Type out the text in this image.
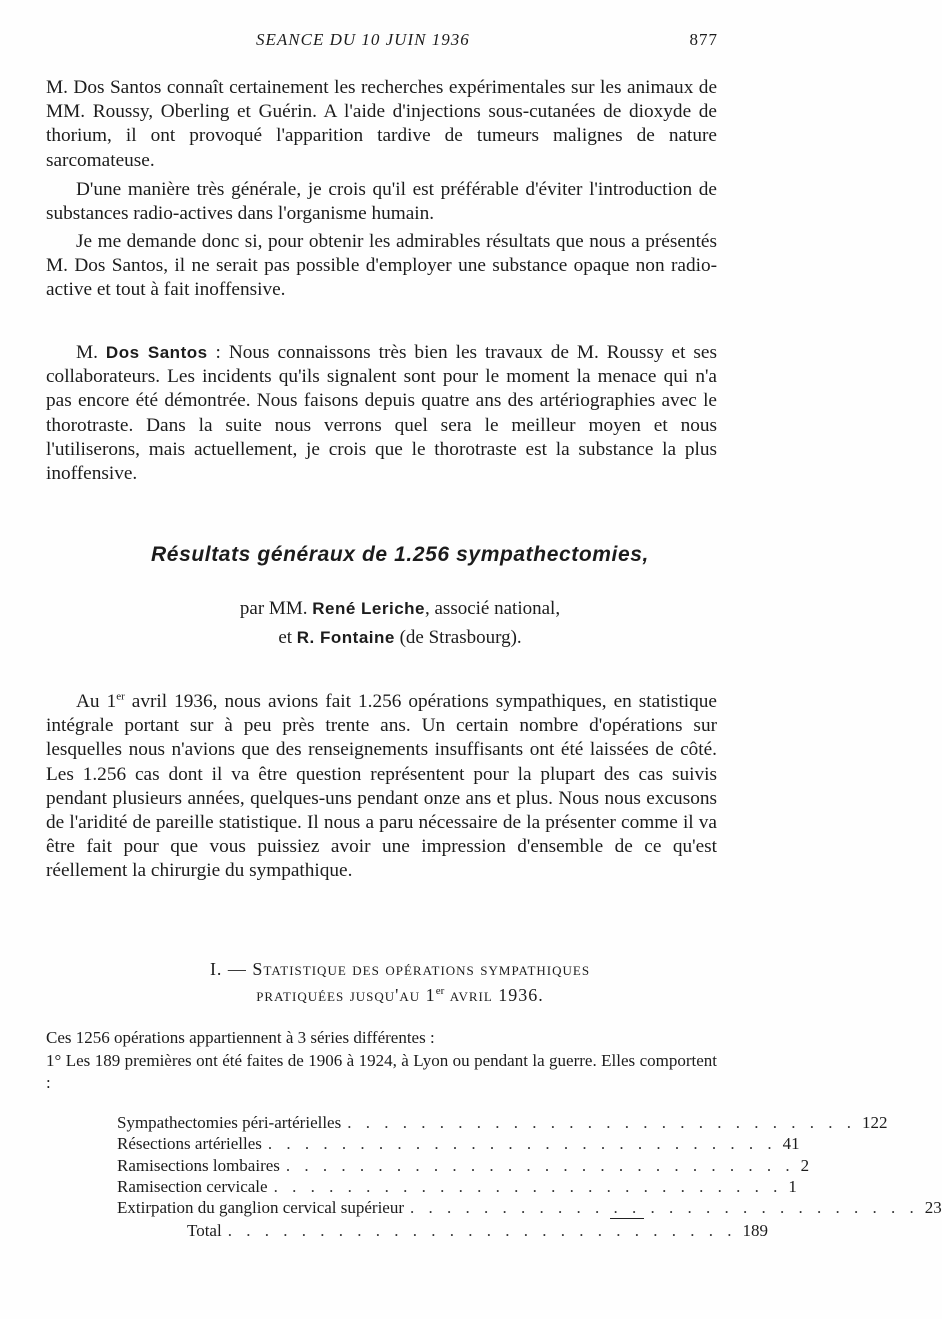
SEANCE DU 10 JUIN 1936	877

M. Dos Santos connaît certainement les recherches expérimentales sur les animaux de MM. Roussy, Oberling et Guérin. A l'aide d'injections sous-cutanées de dioxyde de thorium, il ont provoqué l'apparition tardive de tumeurs malignes de nature sarcomateuse.

D'une manière très générale, je crois qu'il est préférable d'éviter l'introduction de substances radio-actives dans l'organisme humain.

Je me demande donc si, pour obtenir les admirables résultats que nous a présentés M. Dos Santos, il ne serait pas possible d'employer une substance opaque non radio-active et tout à fait inoffensive.

M. Dos Santos : Nous connaissons très bien les travaux de M. Roussy et ses collaborateurs. Les incidents qu'ils signalent sont pour le moment la menace qui n'a pas encore été démontrée. Nous faisons depuis quatre ans des artériographies avec le thorotraste. Dans la suite nous verrons quel sera le meilleur moyen et nous l'utiliserons, mais actuellement, je crois que le thorotraste est la substance la plus inoffensive.

Résultats généraux de 1.256 sympathectomies,
par MM. René Leriche, associé national,
et R. Fontaine (de Strasbourg).

Au 1er avril 1936, nous avions fait 1.256 opérations sympathiques, en statistique intégrale portant sur à peu près trente ans. Un certain nombre d'opérations sur lesquelles nous n'avions que des renseignements insuffisants ont été laissées de côté. Les 1.256 cas dont il va être question représentent pour la plupart des cas suivis pendant plusieurs années, quelques-uns pendant onze ans et plus. Nous nous excusons de l'aridité de pareille statistique. Il nous a paru nécessaire de la présenter comme il va être fait pour que vous puissiez avoir une impression d'ensemble de ce qu'est réellement la chirurgie du sympathique.

I. — Statistique des opérations sympathiques
pratiquées jusqu'au 1er avril 1936.

Ces 1256 opérations appartiennent à 3 séries différentes :

1° Les 189 premières ont été faites de 1906 à 1924, à Lyon ou pendant la guerre. Elles comportent :

Sympathectomies péri-artérielles . . . . . . . . . . . . . . . . . . . . . . . . . . . . 122
Résections artérielles . . . . . . . . . . . . . . . . . . . . . . . . . . . . 41
Ramisections lombaires . . . . . . . . . . . . . . . . . . . . . . . . . . . . 2
Ramisection cervicale . . . . . . . . . . . . . . . . . . . . . . . . . . . . 1
Extirpation du ganglion cervical supérieur . . . . . . . . . . . . . . . . . . . . . . . . . . . . 23
Total . . . . . . . . . . . . . . . . . . . . . . . . . . . . 189
